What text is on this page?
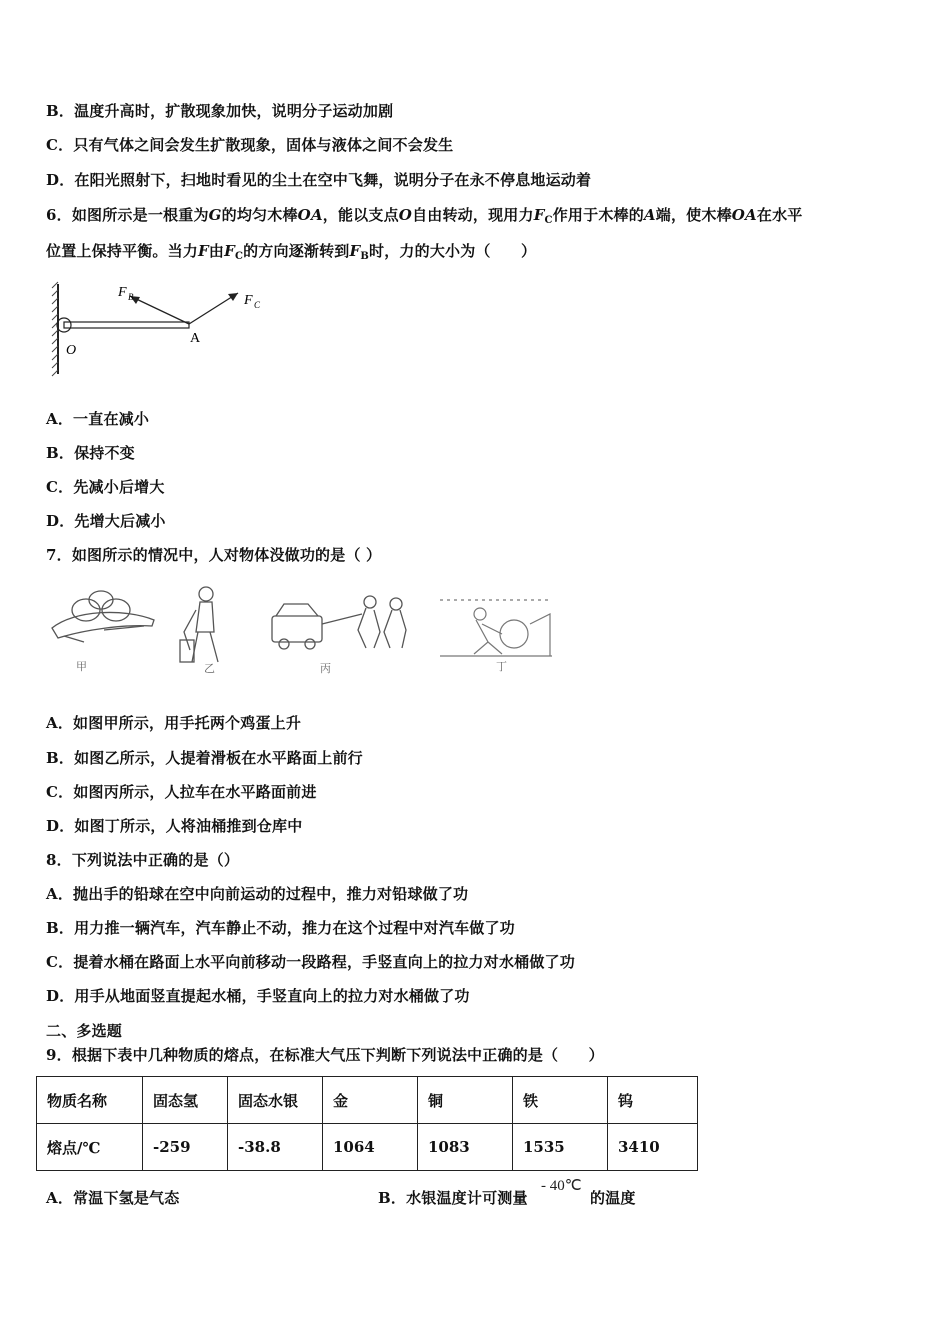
B．温度升高时，扩散现象加快，说明分子运动加剧
C．只有气体之间会发生扩散现象，固体与液体之间不会发生
D．在阳光照射下，扫地时看见的尘土在空中飞舞，说明分子在永不停息地运动着
6．如图所示是一根重为G的均匀木棒OA，能以支点O自由转动，现用力$F_C$作用于木棒的A端，使木棒OA在水平
位置上保持平衡。当力F由$F_C$的方向逐渐转到$F_B$时，力的大小为（　　）
F B	F C
O
A
A．一直在减小
B．保持不变
C．先减小后增大
D．先增大后减小
7．如图所示的情况中，人对物体没做功的是（ ）
甲	乙	丙	丁
A．如图甲所示，用手托两个鸡蛋上升
B．如图乙所示，人提着滑板在水平路面上前行
C．如图丙所示，人拉车在水平路面前进
D．如图丁所示，人将油桶推到仓库中
8．下列说法中正确的是（）
A．抛出手的铅球在空中向前运动的过程中，推力对铅球做了功
B．用力推一辆汽车，汽车静止不动，推力在这个过程中对汽车做了功
C．提着水桶在路面上水平向前移动一段路程，手竖直向上的拉力对水桶做了功
D．用手从地面竖直提起水桶，手竖直向上的拉力对水桶做了功
二、多选题
9．根据下表中几种物质的熔点，在标准大气压下判断下列说法中正确的是（　　）
物质名称	固态氢	固态水银	金	铜	铁	钨
熔点/℃	-259	-38.8	1064	1083	1535	3410
A．常温下氢是气态	B．水银温度计可测量
- 40℃
的温度
